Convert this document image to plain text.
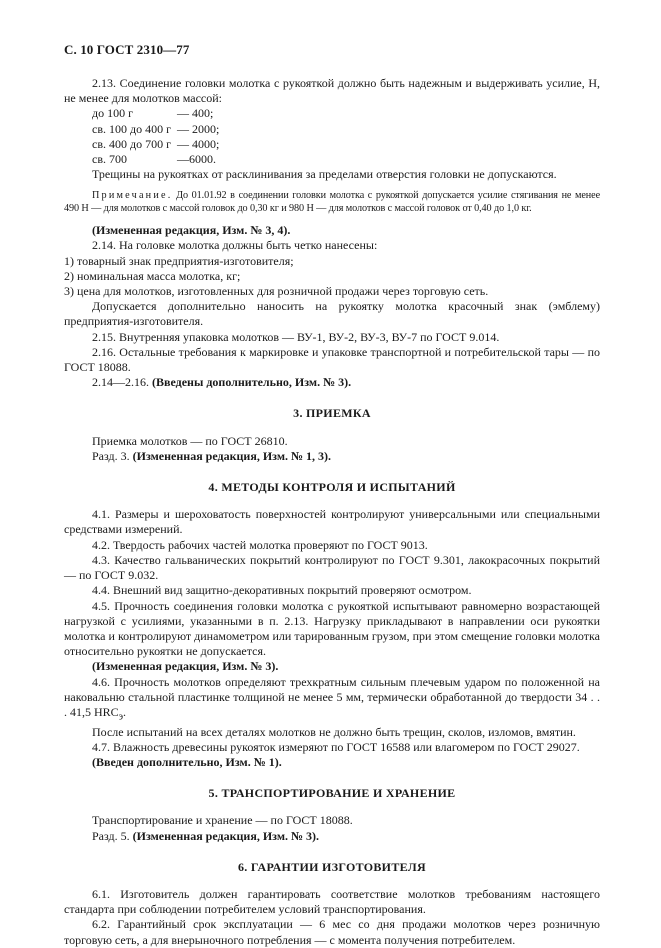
С. 10 ГОСТ 2310—77

2.13. Соединение головки молотка с рукояткой должно быть надежным и выдерживать усилие, Н, не менее для молотков массой:

до 100 г	— 400;
св. 100 до 400 г — 2000;
св. 400 до 700 г — 4000;
св. 700	—6000.

Трещины на рукоятках от расклинивания за пределами отверстия головки не допускаются.

Примечание. До 01.01.92 в соединении головки молотка с рукояткой допускается усилие стягивания не менее 490 Н — для молотков с массой головок до 0,30 кг и 980 Н — для молотков с массой головок от 0,40 до 1,0 кг.

(Измененная редакция, Изм. № 3, 4).

2.14. На головке молотка должны быть четко нанесены:

1) товарный знак предприятия-изготовителя;

2) номинальная масса молотка, кг;

3) цена для молотков, изготовленных для розничной продажи через торговую сеть.

Допускается дополнительно наносить на рукоятку молотка красочный знак (эмблему) предприятия-изготовителя.

2.15. Внутренняя упаковка молотков — ВУ-1, ВУ-2, ВУ-3, ВУ-7 по ГОСТ 9.014.

2.16. Остальные требования к маркировке и упаковке транспортной и потребительской тары — по ГОСТ 18088.

2.14—2.16. (Введены дополнительно, Изм. № 3).

3. ПРИЕМКА

Приемка молотков — по ГОСТ 26810.

Разд. 3. (Измененная редакция, Изм. № 1, 3).

4. МЕТОДЫ КОНТРОЛЯ И ИСПЫТАНИЙ

4.1. Размеры и шероховатость поверхностей контролируют универсальными или специальными средствами измерений.

4.2. Твердость рабочих частей молотка проверяют по ГОСТ 9013.

4.3. Качество гальванических покрытий контролируют по ГОСТ 9.301, лакокрасочных покрытий — по ГОСТ 9.032.

4.4. Внешний вид защитно-декоративных покрытий проверяют осмотром.

4.5. Прочность соединения головки молотка с рукояткой испытывают равномерно возрастающей нагрузкой с усилиями, указанными в п. 2.13. Нагрузку прикладывают в направлении оси рукоятки молотка и контролируют динамометром или тарированным грузом, при этом смещение головки молотка относительно рукоятки не допускается.

(Измененная редакция, Изм. № 3).

4.6. Прочность молотков определяют трехкратным сильным плечевым ударом по положенной на наковальню стальной пластинке толщиной не менее 5 мм, термически обработанной до твердости 34 . . . 41,5 $HRC_э$.

После испытаний на всех деталях молотков не должно быть трещин, сколов, изломов, вмятин.

4.7. Влажность древесины рукояток измеряют по ГОСТ 16588 или влагомером по ГОСТ 29027.

(Введен дополнительно, Изм. № 1).

5. ТРАНСПОРТИРОВАНИЕ И ХРАНЕНИЕ

Транспортирование и хранение — по ГОСТ 18088.

Разд. 5. (Измененная редакция, Изм. № 3).

6. ГАРАНТИИ ИЗГОТОВИТЕЛЯ

6.1. Изготовитель должен гарантировать соответствие молотков требованиям настоящего стандарта при соблюдении потребителем условий транспортирования.

6.2. Гарантийный срок эксплуатации — 6 мес со дня продажи молотков через розничную торговую сеть, а для внерыночного потребления — с момента получения потребителем.
